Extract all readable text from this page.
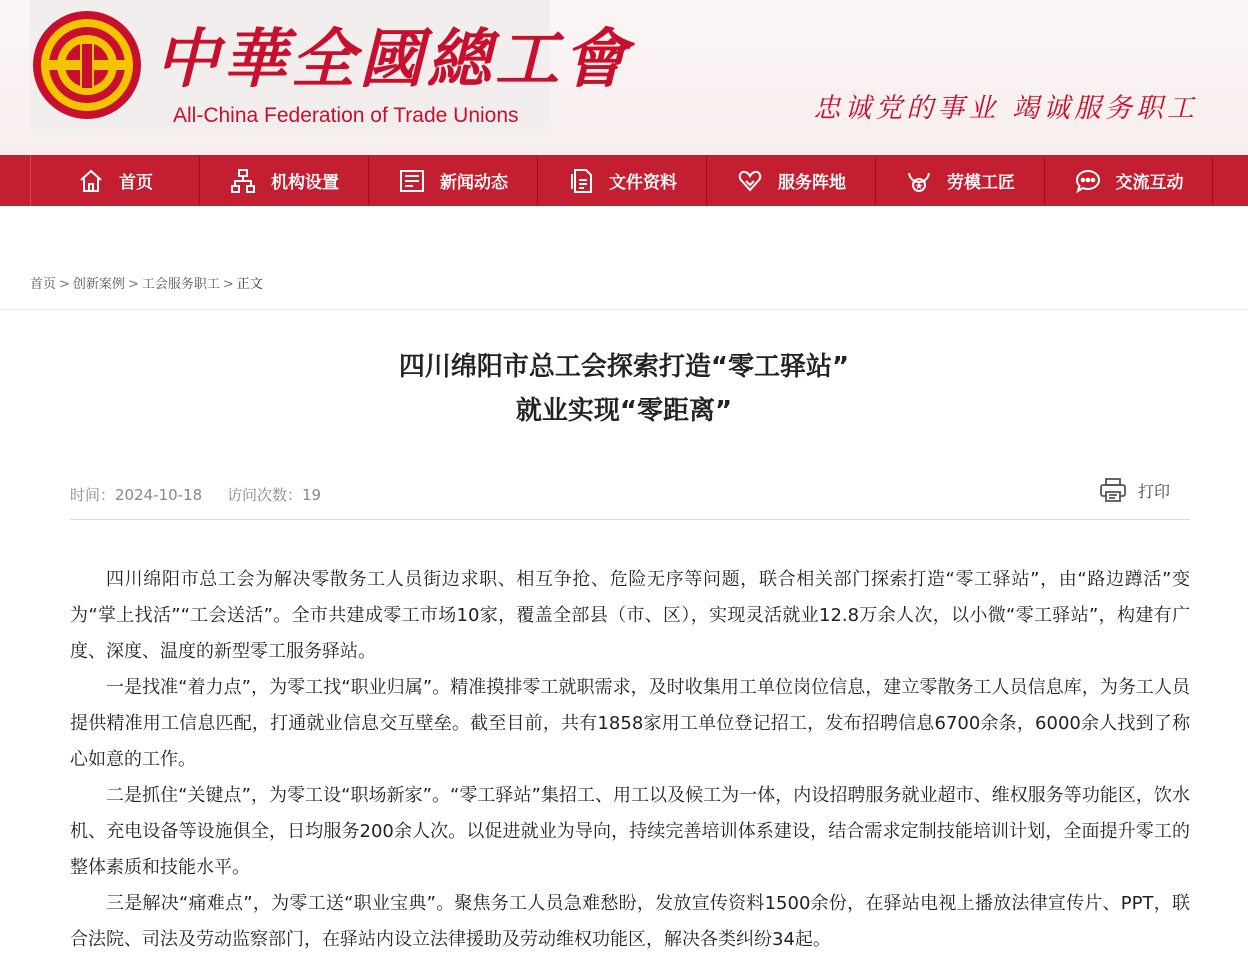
中華全國總工會
All-China Federation of Trade Unions	忠诚党的事业 竭诚服务职工
首页	机构设置	新闻动态	文件资料	服务阵地	劳模工匠	交流互动
首页 > 创新案例 > 工会服务职工 > 正文
四川绵阳市总工会探索打造“零工驿站”
就业实现“零距离”
时间：2024-10-18 访问次数：19	打印

四川绵阳市总工会为解决零散务工人员街边求职、相互争抢、危险无序等问题，联合相关部门探索打造“零工驿站”，由“路边蹲活”变为“掌上找活”“工会送活”。全市共建成零工市场10家，覆盖全部县（市、区），实现灵活就业12.8万余人次，以小微“零工驿站”，构建有广度、深度、温度的新型零工服务驿站。

一是找准“着力点”，为零工找“职业归属”。精准摸排零工就职需求，及时收集用工单位岗位信息，建立零散务工人员信息库，为务工人员提供精准用工信息匹配，打通就业信息交互壁垒。截至目前，共有1858家用工单位登记招工，发布招聘信息6700余条，6000余人找到了称心如意的工作。

二是抓住“关键点”，为零工设“职场新家”。“零工驿站”集招工、用工以及候工为一体，内设招聘服务就业超市、维权服务等功能区，饮水机、充电设备等设施俱全，日均服务200余人次。以促进就业为导向，持续完善培训体系建设，结合需求定制技能培训计划，全面提升零工的整体素质和技能水平。

三是解决“痛难点”，为零工送“职业宝典”。聚焦务工人员急难愁盼，发放宣传资料1500余份，在驿站电视上播放法律宣传片、PPT，联合法院、司法及劳动监察部门，在驿站内设立法律援助及劳动维权功能区，解决各类纠纷34起。
